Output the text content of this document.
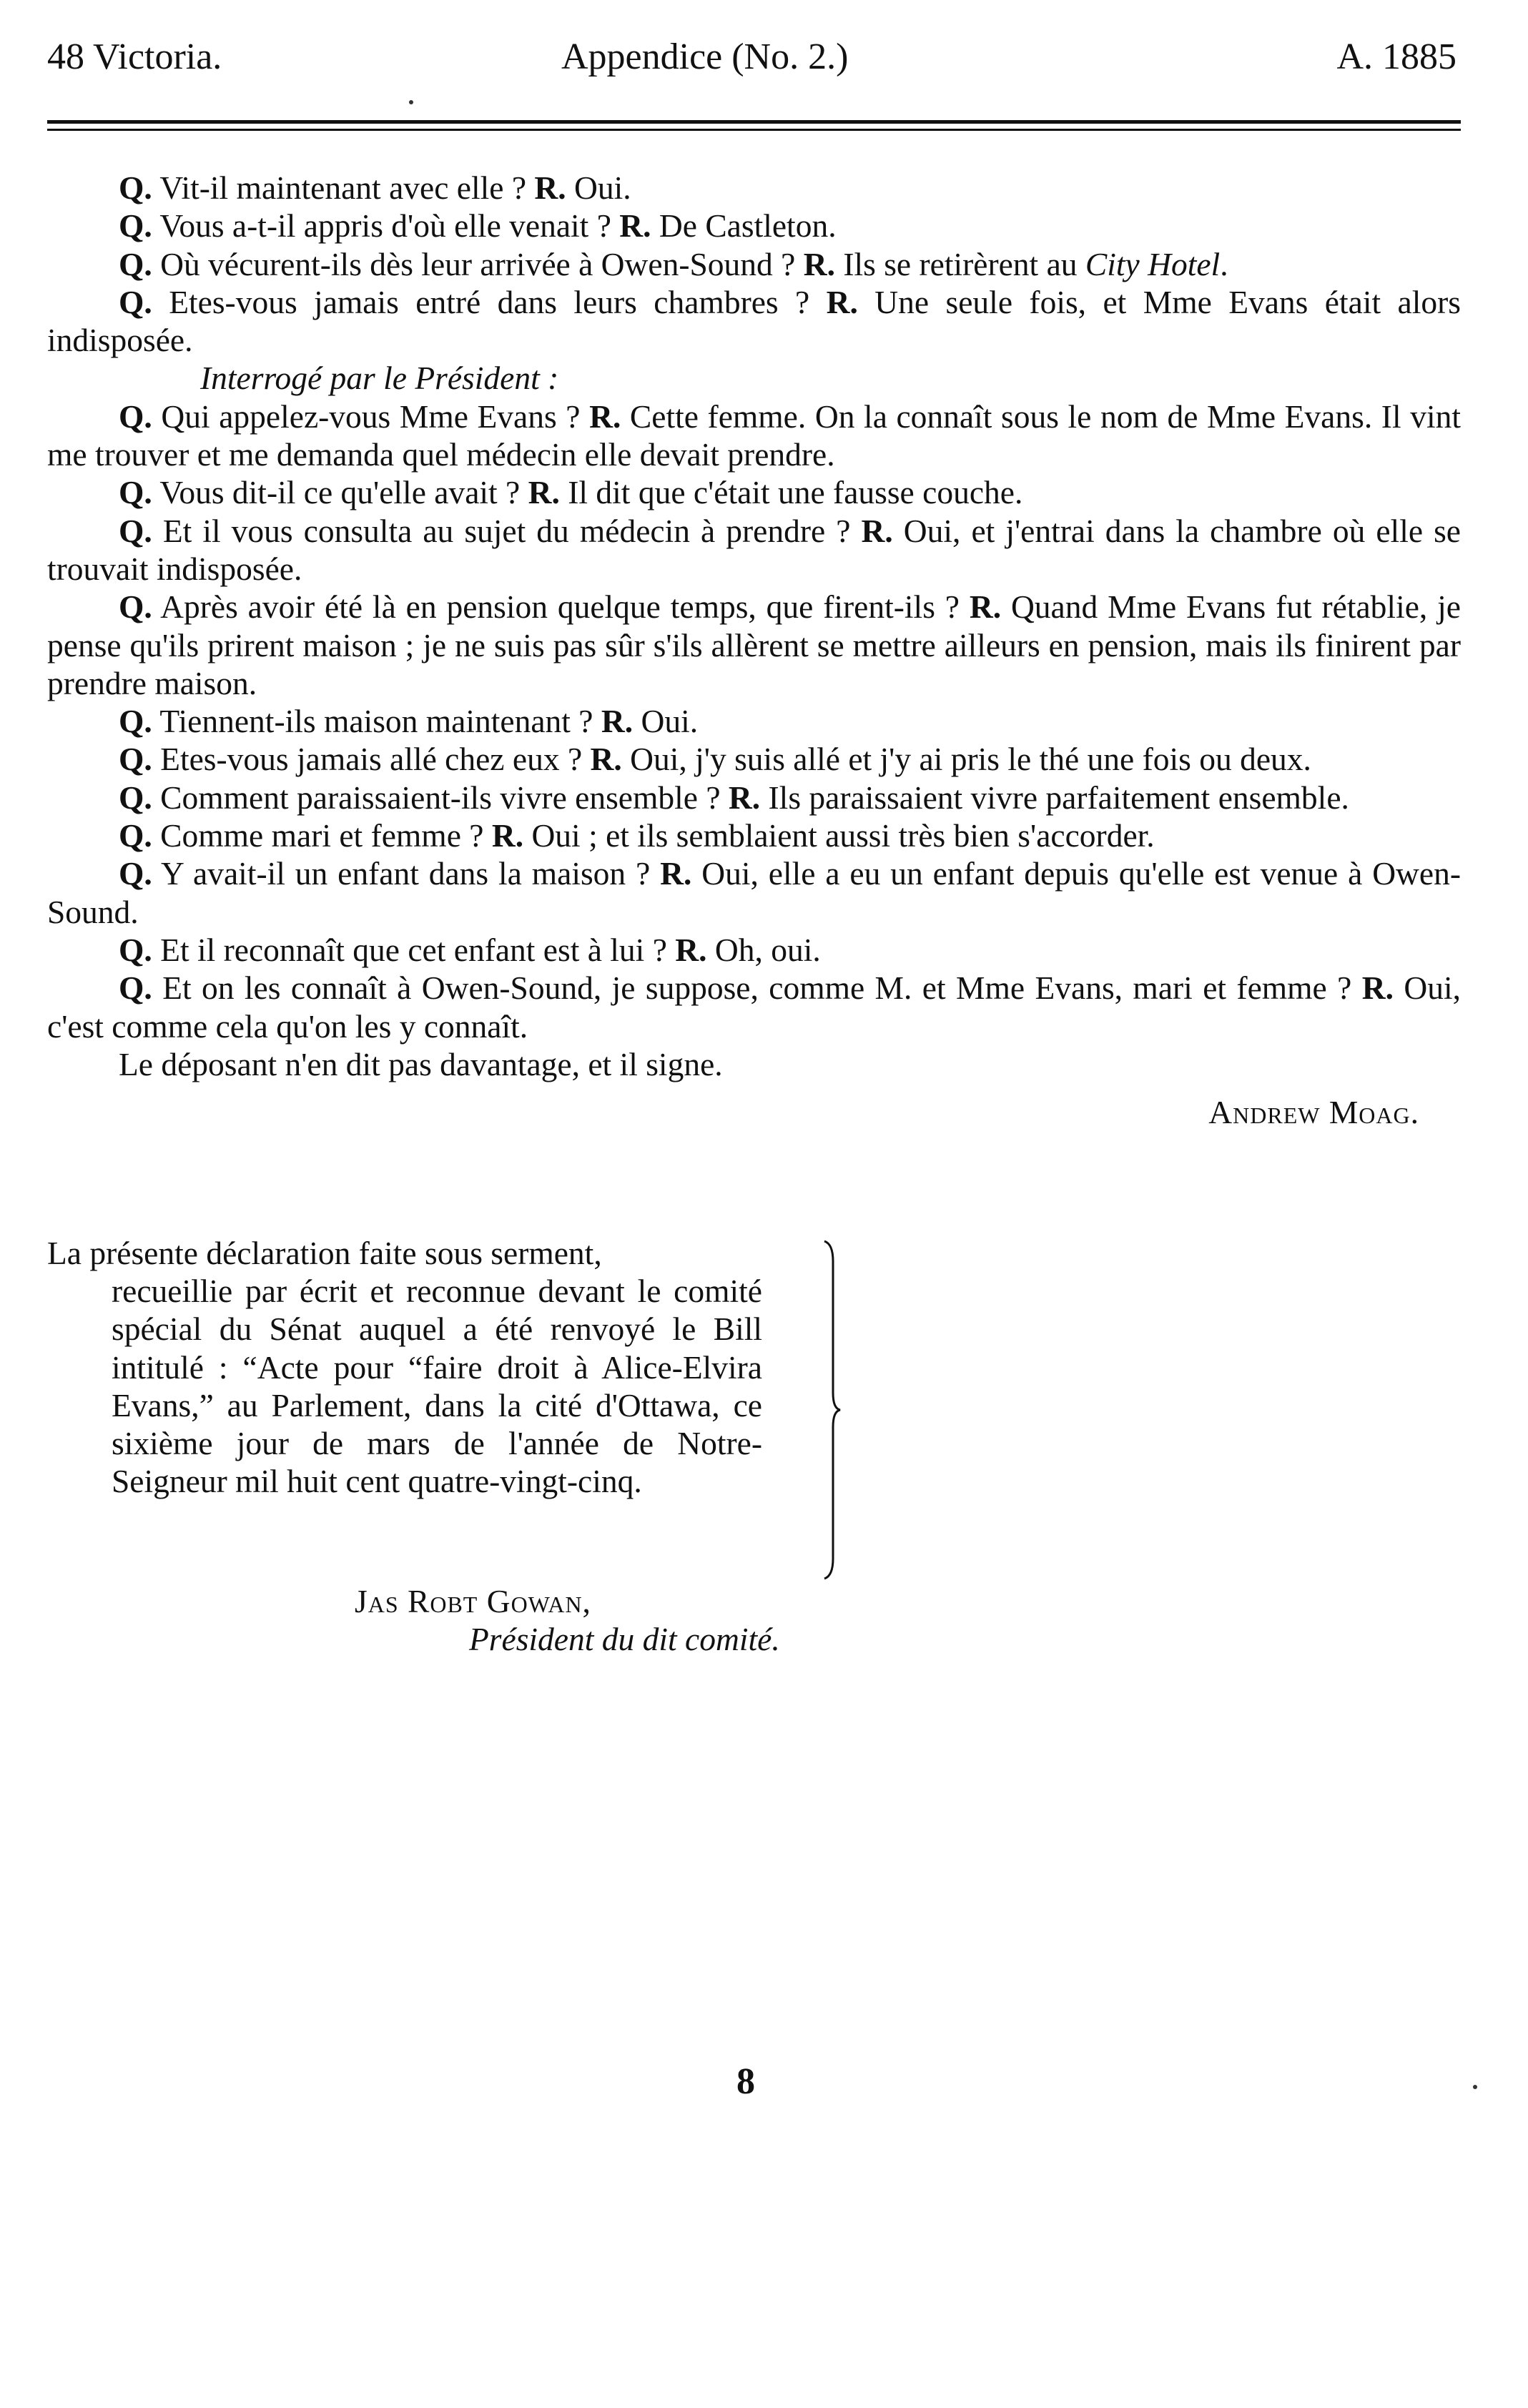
48 Victoria.	Appendice (No. 2.)	A. 1885

Q. Vit-il maintenant avec elle ? R. Oui.

Q. Vous a-t-il appris d'où elle venait ? R. De Castleton.

Q. Où vécurent-ils dès leur arrivée à Owen-Sound ? R. Ils se retirèrent au City Hotel.

Q. Etes-vous jamais entré dans leurs chambres ? R. Une seule fois, et Mme Evans était alors indisposée.

Interrogé par le Président :

Q. Qui appelez-vous Mme Evans ? R. Cette femme. On la connaît sous le nom de Mme Evans. Il vint me trouver et me demanda quel médecin elle devait prendre.

Q. Vous dit-il ce qu'elle avait ? R. Il dit que c'était une fausse couche.

Q. Et il vous consulta au sujet du médecin à prendre ? R. Oui, et j'entrai dans la chambre où elle se trouvait indisposée.

Q. Après avoir été là en pension quelque temps, que firent-ils ? R. Quand Mme Evans fut rétablie, je pense qu'ils prirent maison ; je ne suis pas sûr s'ils allèrent se mettre ailleurs en pension, mais ils finirent par prendre maison.

Q. Tiennent-ils maison maintenant ? R. Oui.

Q. Etes-vous jamais allé chez eux ? R. Oui, j'y suis allé et j'y ai pris le thé une fois ou deux.

Q. Comment paraissaient-ils vivre ensemble ? R. Ils paraissaient vivre parfaitement ensemble.

Q. Comme mari et femme ? R. Oui ; et ils semblaient aussi très bien s'accorder.

Q. Y avait-il un enfant dans la maison ? R. Oui, elle a eu un enfant depuis qu'elle est venue à Owen-Sound.

Q. Et il reconnaît que cet enfant est à lui ? R. Oh, oui.

Q. Et on les connaît à Owen-Sound, je suppose, comme M. et Mme Evans, mari et femme ? R. Oui, c'est comme cela qu'on les y connaît.

Le déposant n'en dit pas davantage, et il signe.

Andrew Moag.

La présente déclaration faite sous serment,

recueillie par écrit et reconnue devant le comité spécial du Sénat auquel a été renvoyé le Bill intitulé : “Acte pour “faire droit à Alice-Elvira Evans,” au Parlement, dans la cité d'Ottawa, ce sixième jour de mars de l'année de Notre-Seigneur mil huit cent quatre-vingt-cinq.

Jas Robt Gowan,
Président du dit comité.
8
